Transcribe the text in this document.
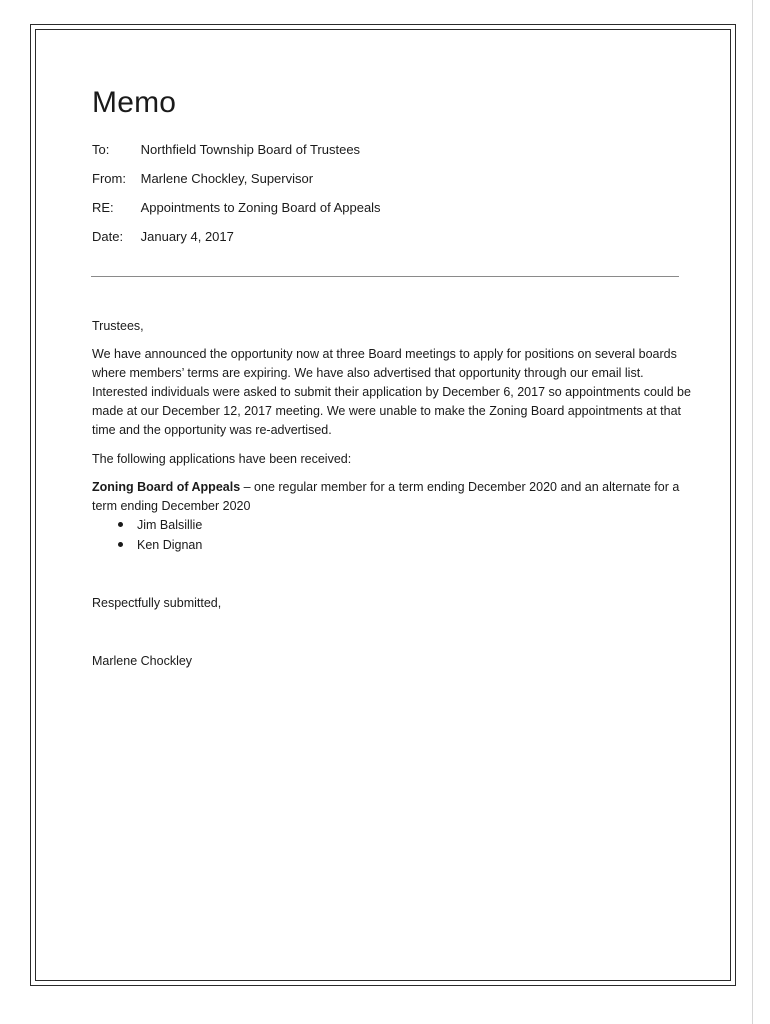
Memo
To: Northfield Township Board of Trustees
From: Marlene Chockley, Supervisor
RE: Appointments to Zoning Board of Appeals
Date: January 4, 2017

Trustees,

We have announced the opportunity now at three Board meetings to apply for positions on several boards where members’ terms are expiring. We have also advertised that opportunity through our email list. Interested individuals were asked to submit their application by December 6, 2017 so appointments could be made at our December 12, 2017 meeting. We were unable to make the Zoning Board appointments at that time and the opportunity was re-advertised.

The following applications have been received:

Zoning Board of Appeals – one regular member for a term ending December 2020 and an alternate for a term ending December 2020

Jim Balsillie
Ken Dignan

Respectfully submitted,

Marlene Chockley
